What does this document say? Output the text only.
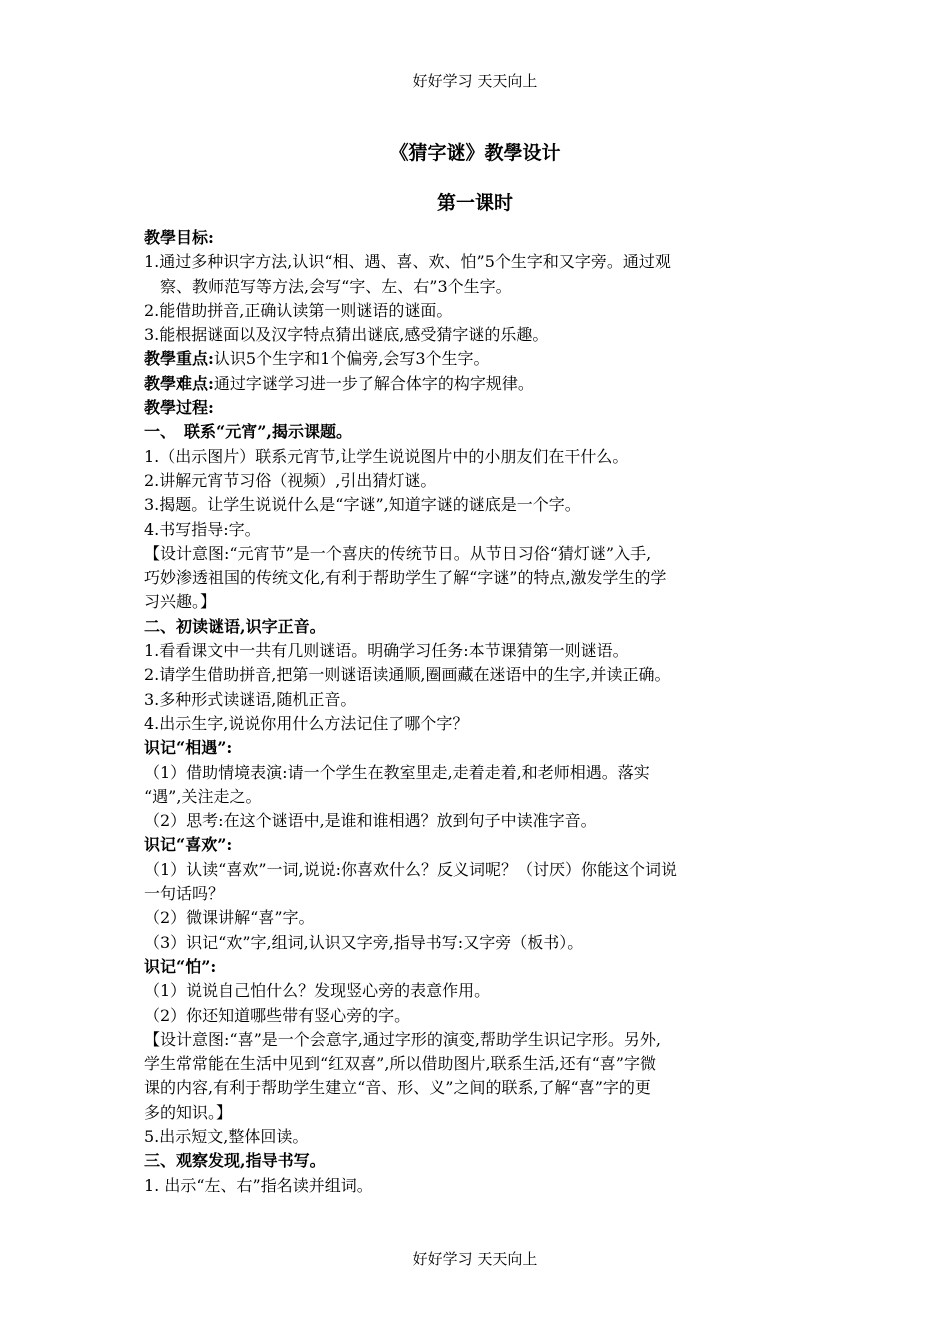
好好学习 天天向上
《猜字谜》教學设计
第一课时

教學目标:

1.通过多种识字方法,认识“相、遇、喜、欢、怕”5个生字和又字旁。通过观

察、教师范写等方法,会写“字、左、右”3个生字。

2.能借助拼音,正确认读第一则谜语的谜面。

3.能根据谜面以及汉字特点猜出谜底,感受猜字谜的乐趣。

教學重点:认识5个生字和1个偏旁,会写3个生字。

教學难点:通过字谜学习进一步了解合体字的构字规律。

教學过程:

一、　联系“元宵”,揭示课题。

1.（出示图片）联系元宵节,让学生说说图片中的小朋友们在干什么。

2.讲解元宵节习俗（视频）,引出猜灯谜。

3.揭题。让学生说说什么是“字谜”,知道字谜的谜底是一个字。

4.书写指导:字。

【设计意图:“元宵节”是一个喜庆的传统节日。从节日习俗“猜灯谜”入手,

巧妙渗透祖国的传统文化,有利于帮助学生了解“字谜”的特点,激发学生的学

习兴趣。】

二、初读谜语,识字正音。

1.看看课文中一共有几则谜语。明确学习任务:本节课猜第一则谜语。

2.请学生借助拼音,把第一则谜语读通顺,圈画藏在迷语中的生字,并读正确。

3.多种形式读谜语,随机正音。

4.出示生字,说说你用什么方法记住了哪个字？

识记“相遇”:

（1）借助情境表演:请一个学生在教室里走,走着走着,和老师相遇。落实

“遇”,关注走之。

（2）思考:在这个谜语中,是谁和谁相遇？放到句子中读准字音。

识记“喜欢”:

（1）认读“喜欢”一词,说说:你喜欢什么？反义词呢？（讨厌）你能这个词说

一句话吗？

（2）微课讲解“喜”字。

（3）识记“欢”字,组词,认识又字旁,指导书写:又字旁（板书）。

识记“怕”:

（1）说说自己怕什么？发现竖心旁的表意作用。

（2）你还知道哪些带有竖心旁的字。

【设计意图:“喜”是一个会意字,通过字形的演变,帮助学生识记字形。另外,

学生常常能在生活中见到“红双喜”,所以借助图片,联系生活,还有“喜”字微

课的内容,有利于帮助学生建立“音、形、义”之间的联系,了解“喜”字的更

多的知识。】

5.出示短文,整体回读。

三、观察发现,指导书写。

1. 出示“左、右”指名读并组词。

好好学习 天天向上
